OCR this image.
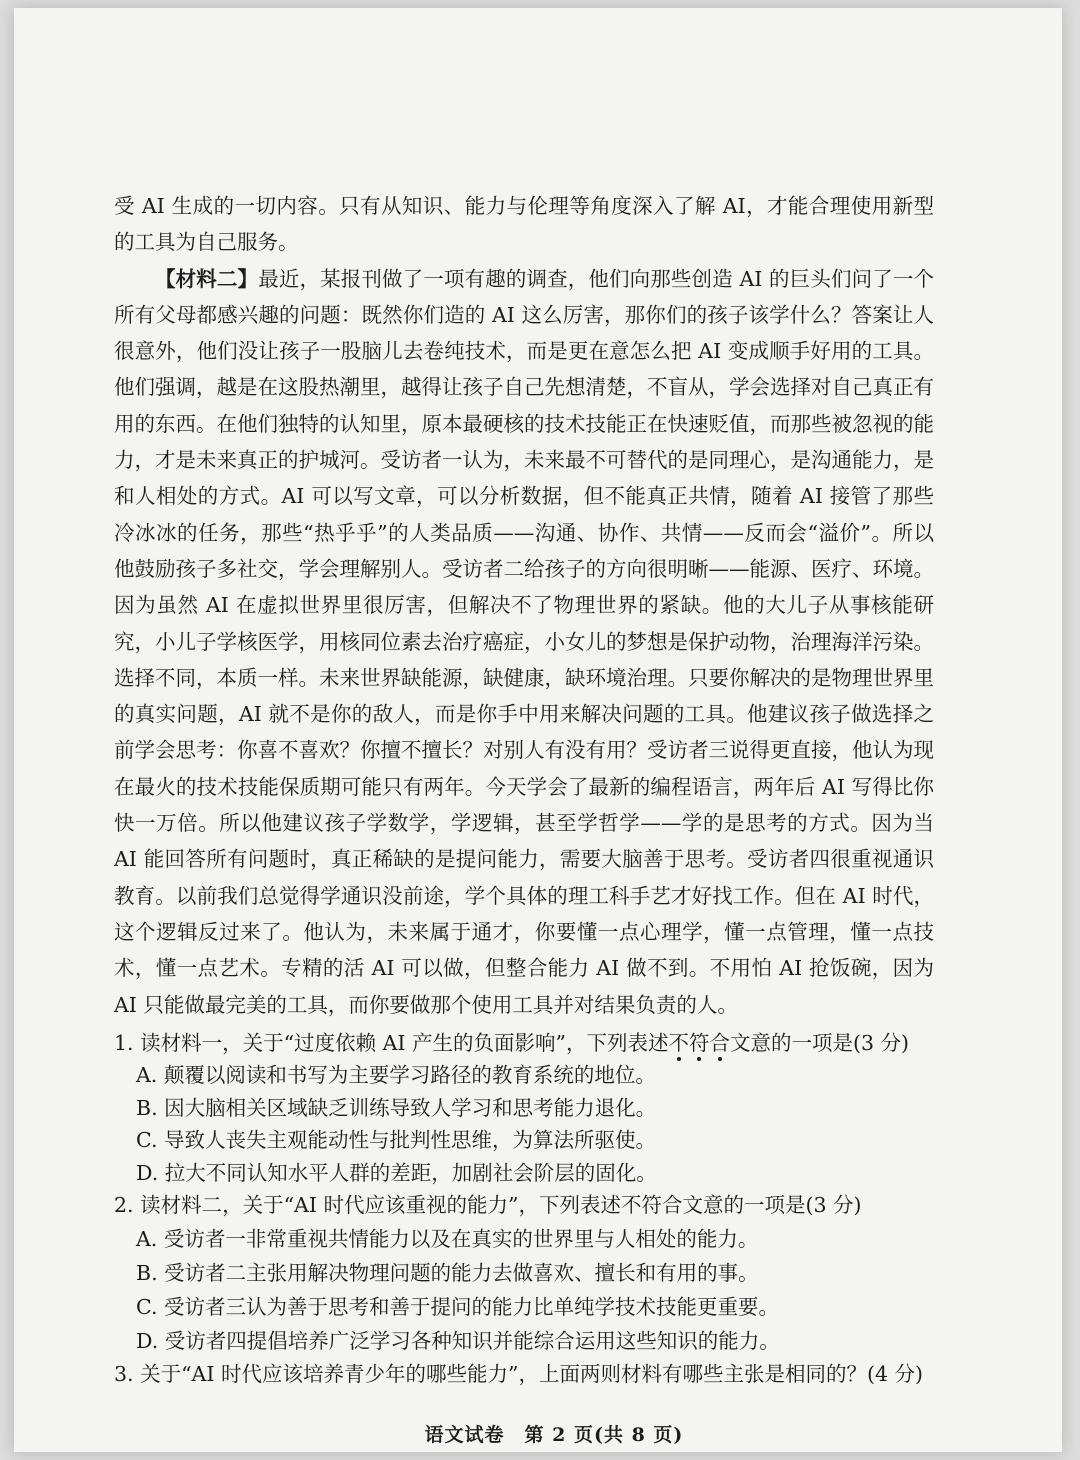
受 AI 生成的一切内容。只有从知识、能力与伦理等角度深入了解 AI，才能合理使用新型的工具为自己服务。

【材料二】最近，某报刊做了一项有趣的调查，他们向那些创造 AI 的巨头们问了一个所有父母都感兴趣的问题：既然你们造的 AI 这么厉害，那你们的孩子该学什么？答案让人很意外，他们没让孩子一股脑儿去卷纯技术，而是更在意怎么把 AI 变成顺手好用的工具。他们强调，越是在这股热潮里，越得让孩子自己先想清楚，不盲从，学会选择对自己真正有用的东西。在他们独特的认知里，原本最硬核的技术技能正在快速贬值，而那些被忽视的能力，才是未来真正的护城河。受访者一认为，未来最不可替代的是同理心，是沟通能力，是和人相处的方式。AI 可以写文章，可以分析数据，但不能真正共情，随着 AI 接管了那些冷冰冰的任务，那些“热乎乎”的人类品质——沟通、协作、共情——反而会“溢价”。所以他鼓励孩子多社交，学会理解别人。受访者二给孩子的方向很明晰——能源、医疗、环境。因为虽然 AI 在虚拟世界里很厉害，但解决不了物理世界的紧缺。他的大儿子从事核能研究，小儿子学核医学，用核同位素去治疗癌症，小女儿的梦想是保护动物，治理海洋污染。选择不同，本质一样。未来世界缺能源，缺健康，缺环境治理。只要你解决的是物理世界里的真实问题，AI 就不是你的敌人，而是你手中用来解决问题的工具。他建议孩子做选择之前学会思考：你喜不喜欢？你擅不擅长？对别人有没有用？受访者三说得更直接，他认为现在最火的技术技能保质期可能只有两年。今天学会了最新的编程语言，两年后 AI 写得比你快一万倍。所以他建议孩子学数学，学逻辑，甚至学哲学——学的是思考的方式。因为当 AI 能回答所有问题时，真正稀缺的是提问能力，需要大脑善于思考。受访者四很重视通识教育。以前我们总觉得学通识没前途，学个具体的理工科手艺才好找工作。但在 AI 时代，这个逻辑反过来了。他认为，未来属于通才，你要懂一点心理学，懂一点管理，懂一点技术，懂一点艺术。专精的活 AI 可以做，但整合能力 AI 做不到。不用怕 AI 抢饭碗，因为 AI 只能做最完美的工具，而你要做那个使用工具并对结果负责的人。

1. 读材料一，关于“过度依赖 AI 产生的负面影响”，下列表述不符合文意的一项是(3 分)

A. 颠覆以阅读和书写为主要学习路径的教育系统的地位。

B. 因大脑相关区域缺乏训练导致人学习和思考能力退化。

C. 导致人丧失主观能动性与批判性思维，为算法所驱使。

D. 拉大不同认知水平人群的差距，加剧社会阶层的固化。

2. 读材料二，关于“AI 时代应该重视的能力”，下列表述不符合文意的一项是(3 分)

A. 受访者一非常重视共情能力以及在真实的世界里与人相处的能力。

B. 受访者二主张用解决物理问题的能力去做喜欢、擅长和有用的事。

C. 受访者三认为善于思考和善于提问的能力比单纯学技术技能更重要。

D. 受访者四提倡培养广泛学习各种知识并能综合运用这些知识的能力。

3. 关于“AI 时代应该培养青少年的哪些能力”，上面两则材料有哪些主张是相同的？(4 分)

语文试卷　第 2 页(共 8 页)
